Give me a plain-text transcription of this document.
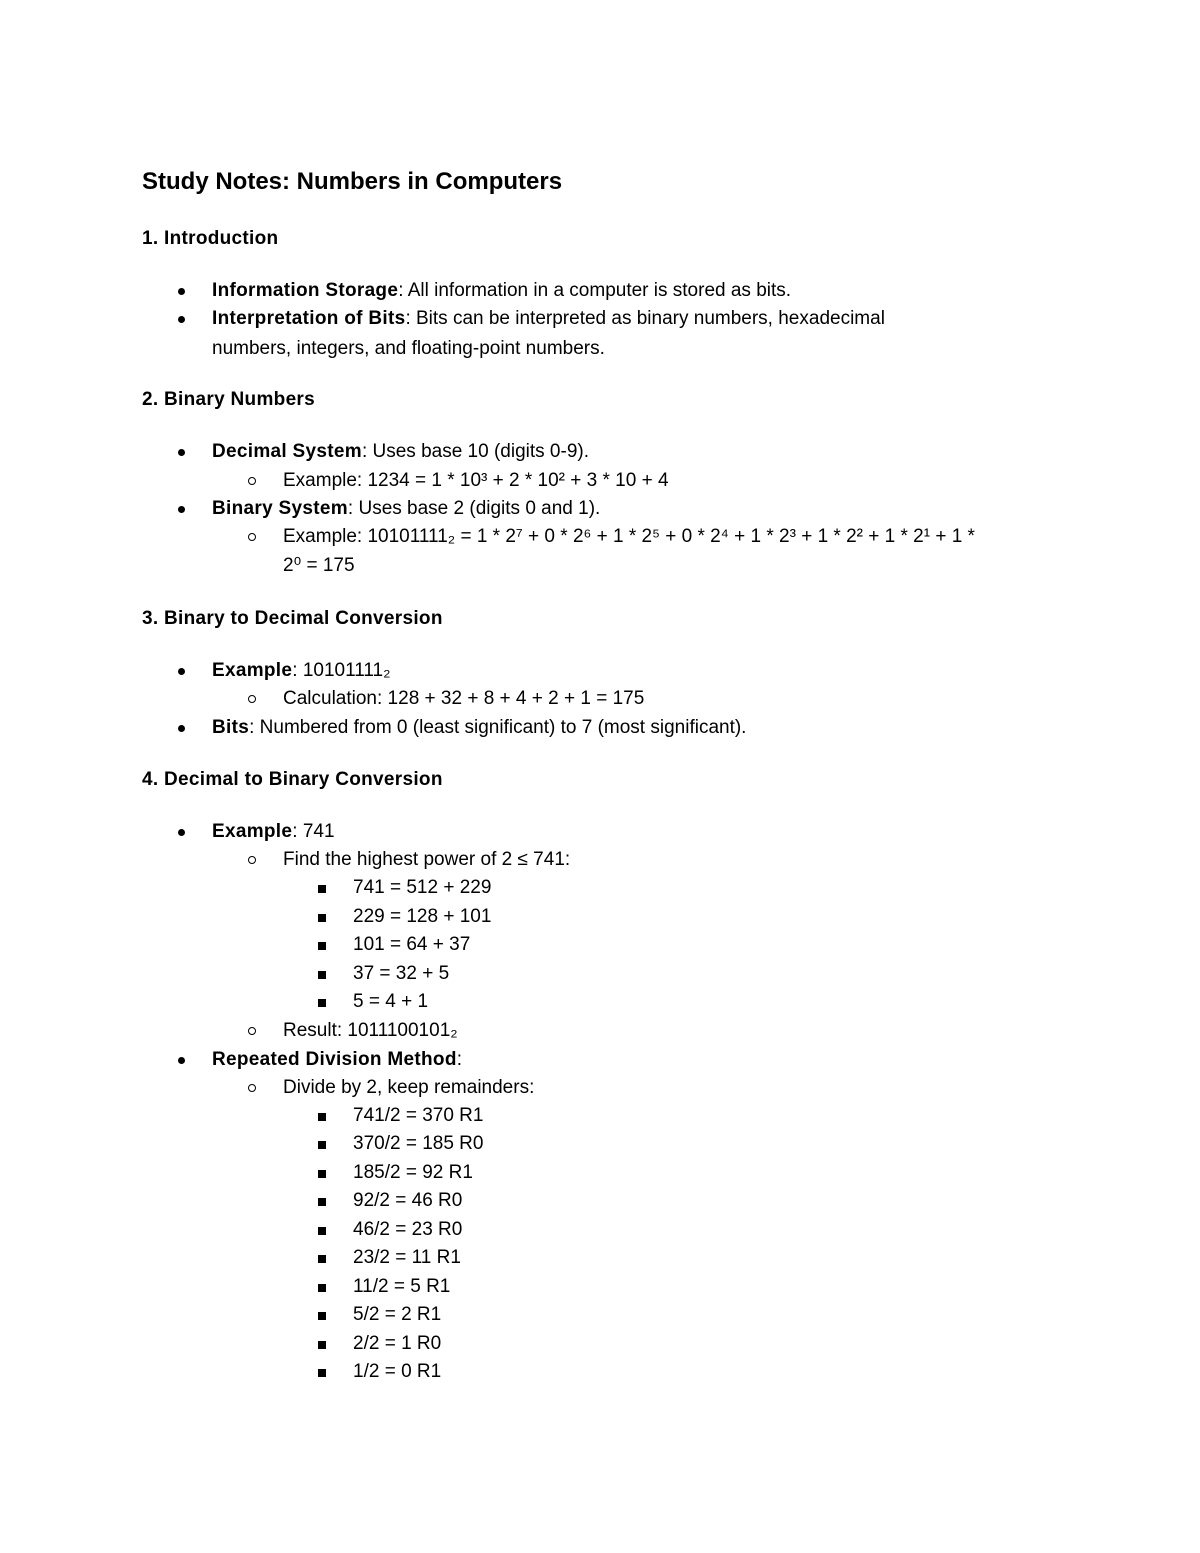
Study Notes: Numbers in Computers
1. Introduction
Information Storage: All information in a computer is stored as bits.
Interpretation of Bits: Bits can be interpreted as binary numbers, hexadecimal
numbers, integers, and floating-point numbers.
2. Binary Numbers
Decimal System: Uses base 10 (digits 0-9).
Example: 1234 = 1 * 10³ + 2 * 10² + 3 * 10 + 4
Binary System: Uses base 2 (digits 0 and 1).
Example: 10101111₂ = 1 * 2⁷ + 0 * 2⁶ + 1 * 2⁵ + 0 * 2⁴ + 1 * 2³ + 1 * 2² + 1 * 2¹ + 1 *
2⁰ = 175
3. Binary to Decimal Conversion
Example: 10101111₂
Calculation: 128 + 32 + 8 + 4 + 2 + 1 = 175
Bits: Numbered from 0 (least significant) to 7 (most significant).
4. Decimal to Binary Conversion
Example: 741
Find the highest power of 2 ≤ 741:
741 = 512 + 229
229 = 128 + 101
101 = 64 + 37
37 = 32 + 5
5 = 4 + 1
Result: 1011100101₂
Repeated Division Method:
Divide by 2, keep remainders:
741/2 = 370 R1
370/2 = 185 R0
185/2 = 92 R1
92/2 = 46 R0
46/2 = 23 R0
23/2 = 11 R1
11/2 = 5 R1
5/2 = 2 R1
2/2 = 1 R0
1/2 = 0 R1
